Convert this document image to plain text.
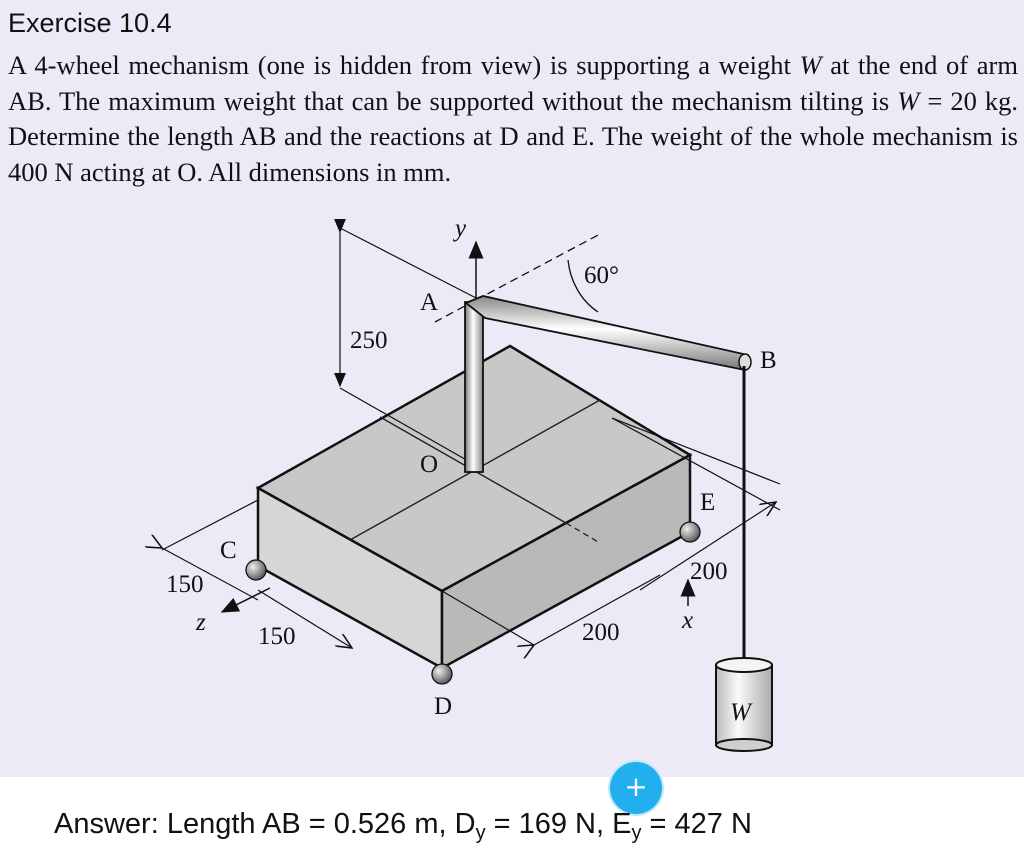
Exercise 10.4

A 4-wheel mechanism (one is hidden from view) is supporting a weight W at the end of arm AB. The maximum weight that can be supported without the mechanism tilting is W = 20 kg. Determine the length AB and the reactions at D and E. The weight of the whole mechanism is 400 N acting at O. All dimensions in mm.

y
A
60°
250
B
O
E
C
150
z
150
200
x
200
D	W
+
Answer: Length AB = 0.526 m, $D_y = 169$ N, $E_y = 427$ N
